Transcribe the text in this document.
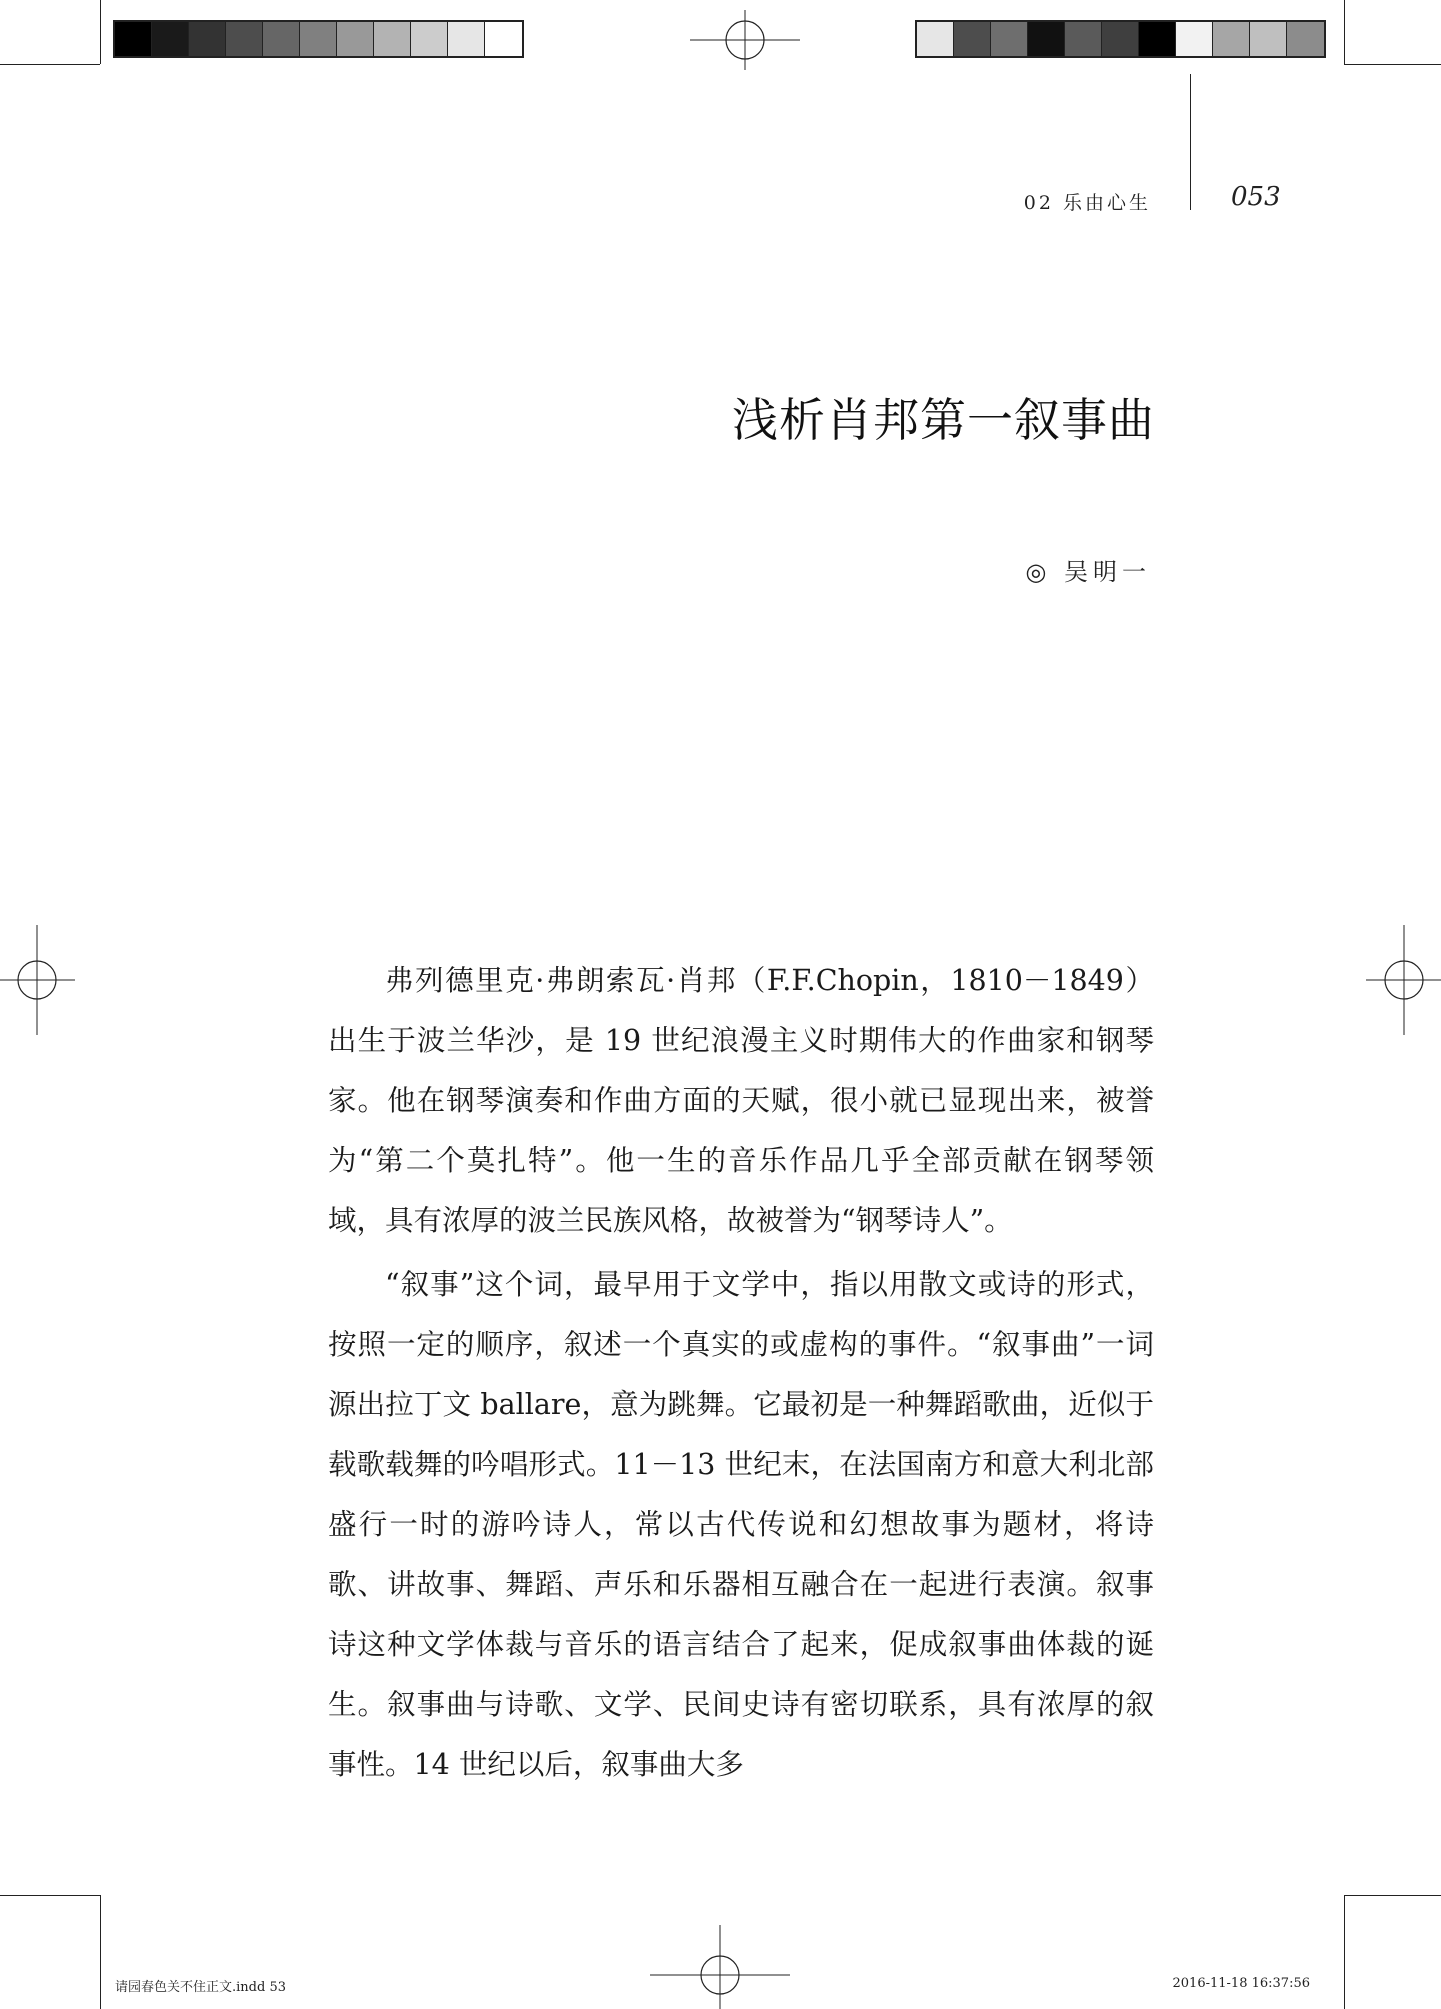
02 乐由心生	053
浅析肖邦第一叙事曲
◎ 吴明一

弗列德里克·弗朗索瓦·肖邦（F.F.Chopin，1810－1849）出生于波兰华沙，是 19 世纪浪漫主义时期伟大的作曲家和钢琴家。他在钢琴演奏和作曲方面的天赋，很小就已显现出来，被誉为“第二个莫扎特”。他一生的音乐作品几乎全部贡献在钢琴领域，具有浓厚的波兰民族风格，故被誉为“钢琴诗人”。

“叙事”这个词，最早用于文学中，指以用散文或诗的形式，按照一定的顺序，叙述一个真实的或虚构的事件。“叙事曲”一词源出拉丁文 ballare，意为跳舞。它最初是一种舞蹈歌曲，近似于载歌载舞的吟唱形式。11－13 世纪末，在法国南方和意大利北部盛行一时的游吟诗人，常以古代传说和幻想故事为题材，将诗歌、讲故事、舞蹈、声乐和乐器相互融合在一起进行表演。叙事诗这种文学体裁与音乐的语言结合了起来，促成叙事曲体裁的诞生。叙事曲与诗歌、文学、民间史诗有密切联系，具有浓厚的叙事性。14 世纪以后，叙事曲大多

请园春色关不住正文.indd 53	2016-11-18 16:37:56
